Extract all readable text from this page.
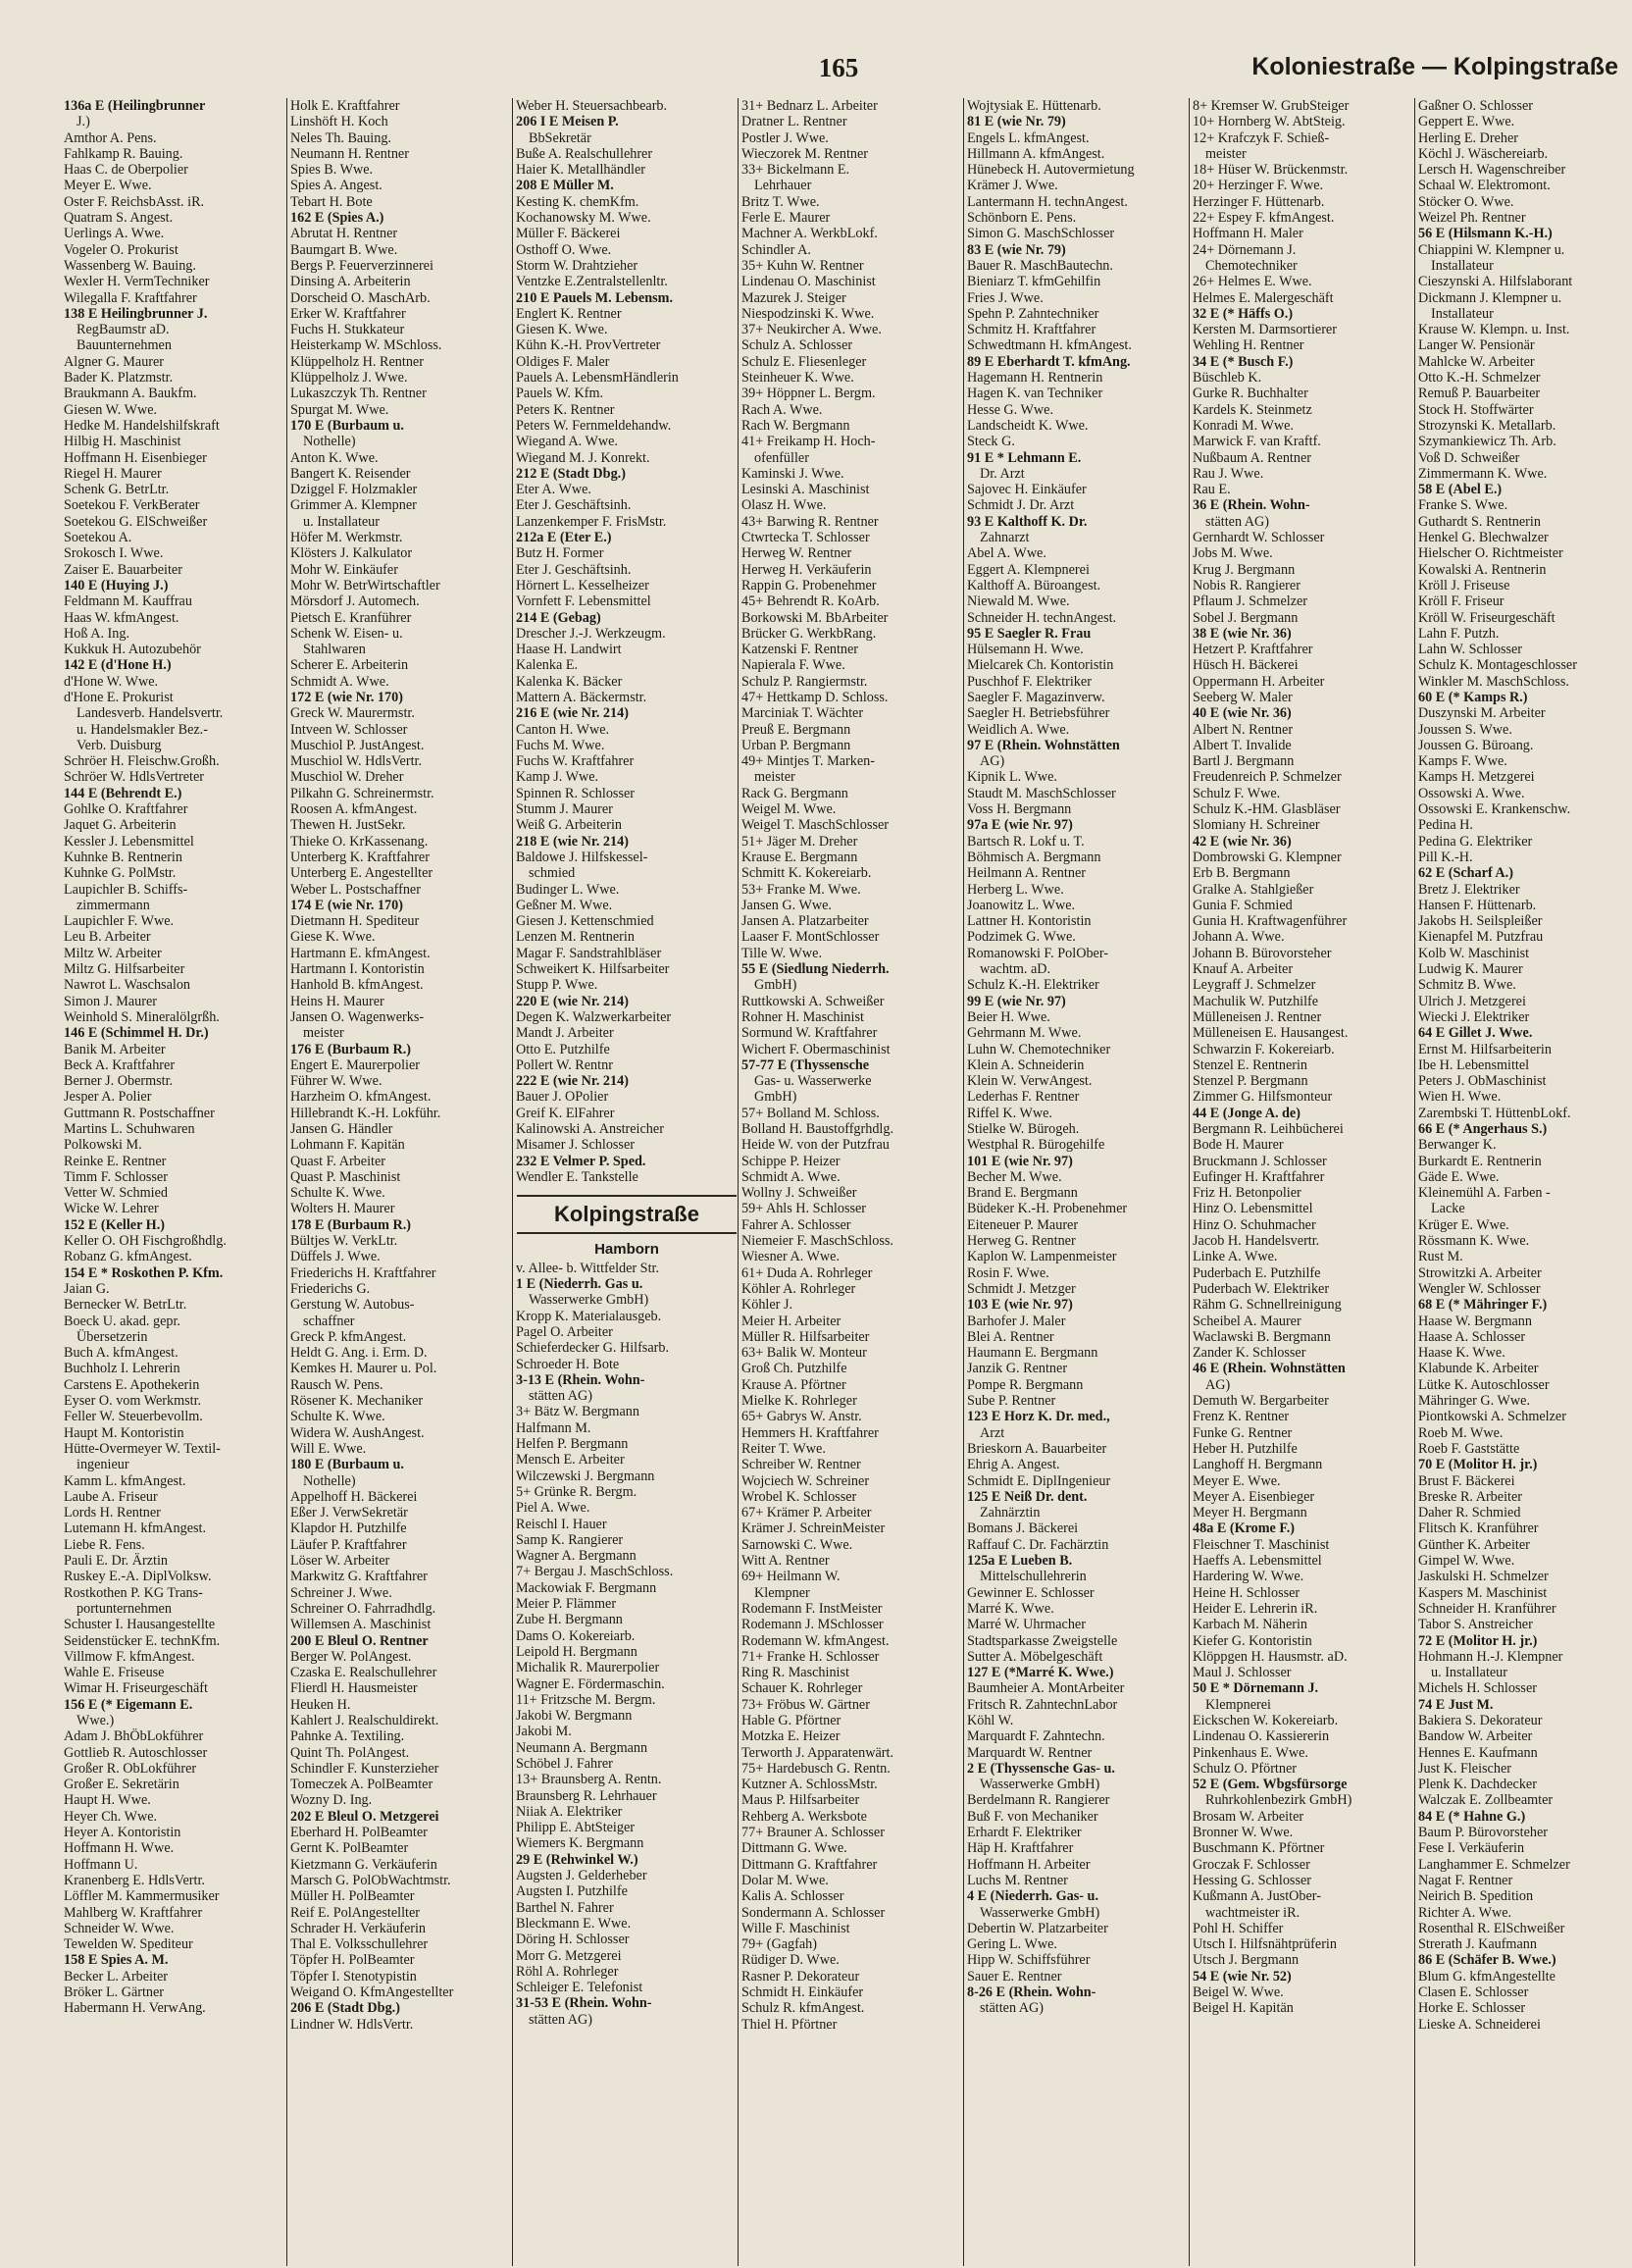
165	Koloniestraße — Kolpingstraße
136a E (Heilingbrunner
J.)
Amthor A. Pens.
Fahlkamp R. Bauing.
Haas C. de Oberpolier
Meyer E. Wwe.
Oster F. ReichsbAsst. iR.
Quatram S. Angest.
Uerlings A. Wwe.
Vogeler O. Prokurist
Wassenberg W. Bauing.
Wexler H. VermTechniker
Wilegalla F. Kraftfahrer
138 E Heilingbrunner J.
RegBaumstr aD.
Bauunternehmen
Algner G. Maurer
Bader K. Platzmstr.
Braukmann A. Baukfm.
Giesen W. Wwe.
Hedke M. Handelshilfskraft
Hilbig H. Maschinist
Hoffmann H. Eisenbieger
Riegel H. Maurer
Schenk G. BetrLtr.
Soetekou F. VerkBerater
Soetekou G. ElSchweißer
Soetekou A.
Srokosch I. Wwe.
Zaiser E. Bauarbeiter
140 E (Huying J.)
Feldmann M. Kauffrau
Haas W. kfmAngest.
Hoß A. Ing.
Kukkuk H. Autozubehör
142 E (d'Hone H.)
d'Hone W. Wwe.
d'Hone E. Prokurist
Landesverb. Handelsvertr.
u. Handelsmakler Bez.-
Verb. Duisburg
Schröer H. Fleischw.Großh.
Schröer W. HdlsVertreter
144 E (Behrendt E.)
Gohlke O. Kraftfahrer
Jaquet G. Arbeiterin
Kessler J. Lebensmittel
Kuhnke B. Rentnerin
Kuhnke G. PolMstr.
Laupichler B. Schiffs-
zimmermann
Laupichler F. Wwe.
Leu B. Arbeiter
Miltz W. Arbeiter
Miltz G. Hilfsarbeiter
Nawrot L. Waschsalon
Simon J. Maurer
Weinhold S. Mineralölgrßh.
146 E (Schimmel H. Dr.)
Banik M. Arbeiter
Beck A. Kraftfahrer
Berner J. Obermstr.
Jesper A. Polier
Guttmann R. Postschaffner
Martins L. Schuhwaren
Polkowski M.
Reinke E. Rentner
Timm F. Schlosser
Vetter W. Schmied
Wicke W. Lehrer
152 E (Keller H.)
Keller O. OH Fischgroßhdlg.
Robanz G. kfmAngest.
154 E * Roskothen P. Kfm.
Jaian G.
Bernecker W. BetrLtr.
Boeck U. akad. gepr.
Übersetzerin
Buch A. kfmAngest.
Buchholz I. Lehrerin
Carstens E. Apothekerin
Eyser O. vom Werkmstr.
Feller W. Steuerbevollm.
Haupt M. Kontoristin
Hütte-Overmeyer W. Textil-
ingenieur
Kamm L. kfmAngest.
Laube A. Friseur
Lords H. Rentner
Lutemann H. kfmAngest.
Liebe R. Fens.
Pauli E. Dr. Ärztin
Ruskey E.-A. DiplVolksw.
Rostkothen P. KG Trans-
portunternehmen
Schuster I. Hausangestellte
Seidenstücker E. technKfm.
Villmow F. kfmAngest.
Wahle E. Friseuse
Wimar H. Friseurgeschäft
156 E (* Eigemann E.
Wwe.)
Adam J. BhÖbLokführer
Gottlieb R. Autoschlosser
Großer R. ObLokführer
Großer E. Sekretärin
Haupt H. Wwe.
Heyer Ch. Wwe.
Heyer A. Kontoristin
Hoffmann H. Wwe.
Hoffmann U.
Kranenberg E. HdlsVertr.
Löffler M. Kammermusiker
Mahlberg W. Kraftfahrer
Schneider W. Wwe.
Tewelden W. Spediteur
158 E Spies A. M.
Becker L. Arbeiter
Bröker L. Gärtner
Habermann H. VerwAng.
Holk E. Kraftfahrer
Linshöft H. Koch
Neles Th. Bauing.
Neumann H. Rentner
Spies B. Wwe.
Spies A. Angest.
Tebart H. Bote
162 E (Spies A.)
Abrutat H. Rentner
Baumgart B. Wwe.
Bergs P. Feuerverzinnerei
Dinsing A. Arbeiterin
Dorscheid O. MaschArb.
Erker W. Kraftfahrer
Fuchs H. Stukkateur
Heisterkamp W. MSchloss.
Klüppelholz H. Rentner
Klüppelholz J. Wwe.
Lukaszczyk Th. Rentner
Spurgat M. Wwe.
170 E (Burbaum u.
Nothelle)
Anton K. Wwe.
Bangert K. Reisender
Dziggel F. Holzmakler
Grimmer A. Klempner
u. Installateur
Höfer M. Werkmstr.
Klösters J. Kalkulator
Mohr W. Einkäufer
Mohr W. BetrWirtschaftler
Mörsdorf J. Automech.
Pietsch E. Kranführer
Schenk W. Eisen- u.
Stahlwaren
Scherer E. Arbeiterin
Schmidt A. Wwe.
172 E (wie Nr. 170)
Greck W. Maurermstr.
Intveen W. Schlosser
Muschiol P. JustAngest.
Muschiol W. HdlsVertr.
Muschiol W. Dreher
Pilkahn G. Schreinermstr.
Roosen A. kfmAngest.
Thewen H. JustSekr.
Thieke O. KrKassenang.
Unterberg K. Kraftfahrer
Unterberg E. Angestellter
Weber L. Postschaffner
174 E (wie Nr. 170)
Dietmann H. Spediteur
Giese K. Wwe.
Hartmann E. kfmAngest.
Hartmann I. Kontoristin
Hanhold B. kfmAngest.
Heins H. Maurer
Jansen O. Wagenwerks-
meister
176 E (Burbaum R.)
Engert E. Maurerpolier
Führer W. Wwe.
Harzheim O. kfmAngest.
Hillebrandt K.-H. Lokführ.
Jansen G. Händler
Lohmann F. Kapitän
Quast F. Arbeiter
Quast P. Maschinist
Schulte K. Wwe.
Wolters H. Maurer
178 E (Burbaum R.)
Bültjes W. VerkLtr.
Düffels J. Wwe.
Friederichs H. Kraftfahrer
Friederichs G.
Gerstung W. Autobus-
schaffner
Greck P. kfmAngest.
Heldt G. Ang. i. Erm. D.
Kemkes H. Maurer u. Pol.
Rausch W. Pens.
Rösener K. Mechaniker
Schulte K. Wwe.
Widera W. AushAngest.
Will E. Wwe.
180 E (Burbaum u.
Nothelle)
Appelhoff H. Bäckerei
Eßer J. VerwSekretär
Klapdor H. Putzhilfe
Läufer P. Kraftfahrer
Löser W. Arbeiter
Markwitz G. Kraftfahrer
Schreiner J. Wwe.
Schreiner O. Fahrradhdlg.
Willemsen A. Maschinist
200 E Bleul O. Rentner
Berger W. PolAngest.
Czaska E. Realschullehrer
Flierdl H. Hausmeister
Heuken H.
Kahlert J. Realschuldirekt.
Pahnke A. Textiling.
Quint Th. PolAngest.
Schindler F. Kunsterzieher
Tomeczek A. PolBeamter
Wozny D. Ing.
202 E Bleul O. Metzgerei
Eberhard H. PolBeamter
Gernt K. PolBeamter
Kietzmann G. Verkäuferin
Marsch G. PolObWachtmstr.
Müller H. PolBeamter
Reif E. PolAngestellter
Schrader H. Verkäuferin
Thal E. Volksschullehrer
Töpfer H. PolBeamter
Töpfer I. Stenotypistin
Weigand O. KfmAngestellter
206 E (Stadt Dbg.)
Lindner W. HdlsVertr.
Weber H. Steuersachbearb.
206 I E Meisen P.
BbSekretär
Buße A. Realschullehrer
Haier K. Metallhändler
208 E Müller M.
Kesting K. chemKfm.
Kochanowsky M. Wwe.
Müller F. Bäckerei
Osthoff O. Wwe.
Storm W. Drahtzieher
Ventzke E.Zentralstellenltr.
210 E Pauels M. Lebensm.
Englert K. Rentner
Giesen K. Wwe.
Kühn K.-H. ProvVertreter
Oldiges F. Maler
Pauels A. LebensmHändlerin
Pauels W. Kfm.
Peters K. Rentner
Peters W. Fernmeldehandw.
Wiegand A. Wwe.
Wiegand M. J. Konrekt.
212 E (Stadt Dbg.)
Eter A. Wwe.
Eter J. Geschäftsinh.
Lanzenkemper F. FrisMstr.
212a E (Eter E.)
Butz H. Former
Eter J. Geschäftsinh.
Hörnert L. Kesselheizer
Vornfett F. Lebensmittel
214 E (Gebag)
Drescher J.-J. Werkzeugm.
Haase H. Landwirt
Kalenka E.
Kalenka K. Bäcker
Mattern A. Bäckermstr.
216 E (wie Nr. 214)
Canton H. Wwe.
Fuchs M. Wwe.
Fuchs W. Kraftfahrer
Kamp J. Wwe.
Spinnen R. Schlosser
Stumm J. Maurer
Weiß G. Arbeiterin
218 E (wie Nr. 214)
Baldowe J. Hilfskessel-
schmied
Budinger L. Wwe.
Geßner M. Wwe.
Giesen J. Kettenschmied
Lenzen M. Rentnerin
Magar F. Sandstrahlbläser
Schweikert K. Hilfsarbeiter
Stupp P. Wwe.
220 E (wie Nr. 214)
Degen K. Walzwerkarbeiter
Mandt J. Arbeiter
Otto E. Putzhilfe
Pollert W. Rentnr
222 E (wie Nr. 214)
Bauer J. OPolier
Greif K. ElFahrer
Kalinowski A. Anstreicher
Misamer J. Schlosser
232 E Velmer P. Sped.
Wendler E. Tankstelle
Kolpingstraße
Hamborn
v. Allee- b. Wittfelder Str.
1 E (Niederrh. Gas u.
Wasserwerke GmbH)
Kropp K. Materialausgeb.
Pagel O. Arbeiter
Schieferdecker G. Hilfsarb.
Schroeder H. Bote
3-13 E (Rhein. Wohn-
stätten AG)
3+ Bätz W. Bergmann
Halfmann M.
Helfen P. Bergmann
Mensch E. Arbeiter
Wilczewski J. Bergmann
5+ Grünke R. Bergm.
Piel A. Wwe.
Reischl I. Hauer
Samp K. Rangierer
Wagner A. Bergmann
7+ Bergau J. MaschSchloss.
Mackowiak F. Bergmann
Meier P. Flämmer
Zube H. Bergmann
Dams O. Kokereiarb.
Leipold H. Bergmann
Michalik R. Maurerpolier
Wagner E. Fördermaschin.
11+ Fritzsche M. Bergm.
Jakobi W. Bergmann
Jakobi M.
Neumann A. Bergmann
Schöbel J. Fahrer
13+ Braunsberg A. Rentn.
Braunsberg R. Lehrhauer
Niiak A. Elektriker
Philipp E. AbtSteiger
Wiemers K. Bergmann
29 E (Rehwinkel W.)
Augsten J. Gelderheber
Augsten I. Putzhilfe
Barthel N. Fahrer
Bleckmann E. Wwe.
Döring H. Schlosser
Morr G. Metzgerei
Röhl A. Rohrleger
Schleiger E. Telefonist
31-53 E (Rhein. Wohn-
stätten AG)
31+ Bednarz L. Arbeiter
Dratner L. Rentner
Postler J. Wwe.
Wieczorek M. Rentner
33+ Bickelmann E.
Lehrhauer
Britz T. Wwe.
Ferle E. Maurer
Machner A. WerkbLokf.
Schindler A.
35+ Kuhn W. Rentner
Lindenau O. Maschinist
Mazurek J. Steiger
Niespodzinski K. Wwe.
37+ Neukircher A. Wwe.
Schulz A. Schlosser
Schulz E. Fliesenleger
Steinheuer K. Wwe.
39+ Höppner L. Bergm.
Rach A. Wwe.
Rach W. Bergmann
41+ Freikamp H. Hoch-
ofenfüller
Kaminski J. Wwe.
Lesinski A. Maschinist
Olasz H. Wwe.
43+ Barwing R. Rentner
Ctwrtecka T. Schlosser
Herweg W. Rentner
Herweg H. Verkäuferin
Rappin G. Probenehmer
45+ Behrendt R. KoArb.
Borkowski M. BbArbeiter
Brücker G. WerkbRang.
Katzenski F. Rentner
Napierala F. Wwe.
Schulz P. Rangiermstr.
47+ Hettkamp D. Schloss.
Marciniak T. Wächter
Preuß E. Bergmann
Urban P. Bergmann
49+ Mintjes T. Marken-
meister
Rack G. Bergmann
Weigel M. Wwe.
Weigel T. MaschSchlosser
51+ Jäger M. Dreher
Krause E. Bergmann
Schmitt K. Kokereiarb.
53+ Franke M. Wwe.
Jansen G. Wwe.
Jansen A. Platzarbeiter
Laaser F. MontSchlosser
Tille W. Wwe.
55 E (Siedlung Niederrh.
GmbH)
Ruttkowski A. Schweißer
Rohner H. Maschinist
Sormund W. Kraftfahrer
Wichert F. Obermaschinist
57-77 E (Thyssensche
Gas- u. Wasserwerke
GmbH)
57+ Bolland M. Schloss.
Bolland H. Baustoffgrhdlg.
Heide W. von der Putzfrau
Schippe P. Heizer
Schmidt A. Wwe.
Wollny J. Schweißer
59+ Ahls H. Schlosser
Fahrer A. Schlosser
Niemeier F. MaschSchloss.
Wiesner A. Wwe.
61+ Duda A. Rohrleger
Köhler A. Rohrleger
Köhler J.
Meier H. Arbeiter
Müller R. Hilfsarbeiter
63+ Balik W. Monteur
Groß Ch. Putzhilfe
Krause A. Pförtner
Mielke K. Rohrleger
65+ Gabrys W. Anstr.
Hemmers H. Kraftfahrer
Reiter T. Wwe.
Schreiber W. Rentner
Wojciech W. Schreiner
Wrobel K. Schlosser
67+ Krämer P. Arbeiter
Krämer J. SchreinMeister
Sarnowski C. Wwe.
Witt A. Rentner
69+ Heilmann W.
Klempner
Rodemann F. InstMeister
Rodemann J. MSchlosser
Rodemann W. kfmAngest.
71+ Franke H. Schlosser
Ring R. Maschinist
Schauer K. Rohrleger
73+ Fröbus W. Gärtner
Hable G. Pförtner
Motzka E. Heizer
Terworth J. Apparatenwärt.
75+ Hardebusch G. Rentn.
Kutzner A. SchlossMstr.
Maus P. Hilfsarbeiter
Rehberg A. Werksbote
77+ Brauner A. Schlosser
Dittmann G. Wwe.
Dittmann G. Kraftfahrer
Dolar M. Wwe.
Kalis A. Schlosser
Sondermann A. Schlosser
Wille F. Maschinist
79+ (Gagfah)
Rüdiger D. Wwe.
Rasner P. Dekorateur
Schmidt H. Einkäufer
Schulz R. kfmAngest.
Thiel H. Pförtner
Wojtysiak E. Hüttenarb.
81 E (wie Nr. 79)
Engels L. kfmAngest.
Hillmann A. kfmAngest.
Hünebeck H. Autovermietung
Krämer J. Wwe.
Lantermann H. technAngest.
Schönborn E. Pens.
Simon G. MaschSchlosser
83 E (wie Nr. 79)
Bauer R. MaschBautechn.
Bieniarz T. kfmGehilfin
Fries J. Wwe.
Spehn P. Zahntechniker
Schmitz H. Kraftfahrer
Schwedtmann H. kfmAngest.
89 E Eberhardt T. kfmAng.
Hagemann H. Rentnerin
Hagen K. van Techniker
Hesse G. Wwe.
Landscheidt K. Wwe.
Steck G.
91 E * Lehmann E.
Dr. Arzt
Sajovec H. Einkäufer
Schmidt J. Dr. Arzt
93 E Kalthoff K. Dr.
Zahnarzt
Abel A. Wwe.
Eggert A. Klempnerei
Kalthoff A. Büroangest.
Niewald M. Wwe.
Schneider H. technAngest.
95 E Saegler R. Frau
Hülsemann H. Wwe.
Mielcarek Ch. Kontoristin
Puschhof F. Elektriker
Saegler F. Magazinverw.
Saegler H. Betriebsführer
Weidlich A. Wwe.
97 E (Rhein. Wohnstätten
AG)
Kipnik L. Wwe.
Staudt M. MaschSchlosser
Voss H. Bergmann
97a E (wie Nr. 97)
Bartsch R. Lokf u. T.
Böhmisch A. Bergmann
Heilmann A. Rentner
Herberg L. Wwe.
Joanowitz L. Wwe.
Lattner H. Kontoristin
Podzimek G. Wwe.
Romanowski F. PolOber-
wachtm. aD.
Schulz K.-H. Elektriker
99 E (wie Nr. 97)
Beier H. Wwe.
Gehrmann M. Wwe.
Luhn W. Chemotechniker
Klein A. Schneiderin
Klein W. VerwAngest.
Lederhas F. Rentner
Riffel K. Wwe.
Stielke W. Bürogeh.
Westphal R. Bürogehilfe
101 E (wie Nr. 97)
Becher M. Wwe.
Brand E. Bergmann
Büdeker K.-H. Probenehmer
Eiteneuer P. Maurer
Herweg G. Rentner
Kaplon W. Lampenmeister
Rosin F. Wwe.
Schmidt J. Metzger
103 E (wie Nr. 97)
Barhofer J. Maler
Blei A. Rentner
Haumann E. Bergmann
Janzik G. Rentner
Pompe R. Bergmann
Sube P. Rentner
123 E Horz K. Dr. med.,
Arzt
Brieskorn A. Bauarbeiter
Ehrig A. Angest.
Schmidt E. DiplIngenieur
125 E Neiß Dr. dent.
Zahnärztin
Bomans J. Bäckerei
Raffauf C. Dr. Fachärztin
125a E Lueben B.
Mittelschullehrerin
Gewinner E. Schlosser
Marré K. Wwe.
Marré W. Uhrmacher
Stadtsparkasse Zweigstelle
Sutter A. Möbelgeschäft
127 E (*Marré K. Wwe.)
Baumheier A. MontArbeiter
Fritsch R. ZahntechnLabor
Köhl W.
Marquardt F. Zahntechn.
Marquardt W. Rentner
2 E (Thyssensche Gas- u.
Wasserwerke GmbH)
Berdelmann R. Rangierer
Buß F. von Mechaniker
Erhardt F. Elektriker
Häp H. Kraftfahrer
Hoffmann H. Arbeiter
Luchs M. Rentner
4 E (Niederrh. Gas- u.
Wasserwerke GmbH)
Debertin W. Platzarbeiter
Gering L. Wwe.
Hipp W. Schiffsführer
Sauer E. Rentner
8-26 E (Rhein. Wohn-
stätten AG)
8+ Kremser W. GrubSteiger
10+ Hornberg W. AbtSteig.
12+ Krafczyk F. Schieß-
meister
18+ Hüser W. Brückenmstr.
20+ Herzinger F. Wwe.
Herzinger F. Hüttenarb.
22+ Espey F. kfmAngest.
Hoffmann H. Maler
24+ Dörnemann J.
Chemotechniker
26+ Helmes E. Wwe.
Helmes E. Malergeschäft
32 E (* Häffs O.)
Kersten M. Darmsortierer
Wehling H. Rentner
34 E (* Busch F.)
Büschleb K.
Gurke R. Buchhalter
Kardels K. Steinmetz
Konradi M. Wwe.
Marwick F. van Kraftf.
Nußbaum A. Rentner
Rau J. Wwe.
Rau E.
36 E (Rhein. Wohn-
stätten AG)
Gernhardt W. Schlosser
Jobs M. Wwe.
Krug J. Bergmann
Nobis R. Rangierer
Pflaum J. Schmelzer
Sobel J. Bergmann
38 E (wie Nr. 36)
Hetzert P. Kraftfahrer
Hüsch H. Bäckerei
Oppermann H. Arbeiter
Seeberg W. Maler
40 E (wie Nr. 36)
Albert N. Rentner
Albert T. Invalide
Bartl J. Bergmann
Freudenreich P. Schmelzer
Schulz F. Wwe.
Schulz K.-HM. Glasbläser
Slomiany H. Schreiner
42 E (wie Nr. 36)
Dombrowski G. Klempner
Erb B. Bergmann
Gralke A. Stahlgießer
Gunia F. Schmied
Gunia H. Kraftwagenführer
Johann A. Wwe.
Johann B. Bürovorsteher
Knauf A. Arbeiter
Leygraff J. Schmelzer
Machulik W. Putzhilfe
Mülleneisen J. Rentner
Mülleneisen E. Hausangest.
Schwarzin F. Kokereiarb.
Stenzel E. Rentnerin
Stenzel P. Bergmann
Zimmer G. Hilfsmonteur
44 E (Jonge A. de)
Bergmann R. Leihbücherei
Bode H. Maurer
Bruckmann J. Schlosser
Eufinger H. Kraftfahrer
Friz H. Betonpolier
Hinz O. Lebensmittel
Hinz O. Schuhmacher
Jacob H. Handelsvertr.
Linke A. Wwe.
Puderbach E. Putzhilfe
Puderbach W. Elektriker
Rähm G. Schnellreinigung
Scheibel A. Maurer
Waclawski B. Bergmann
Zander K. Schlosser
46 E (Rhein. Wohnstätten
AG)
Demuth W. Bergarbeiter
Frenz K. Rentner
Funke G. Rentner
Heber H. Putzhilfe
Langhoff H. Bergmann
Meyer E. Wwe.
Meyer A. Eisenbieger
Meyer H. Bergmann
48a E (Krome F.)
Fleischner T. Maschinist
Haeffs A. Lebensmittel
Hardering W. Wwe.
Heine H. Schlosser
Heider E. Lehrerin iR.
Karbach M. Näherin
Kiefer G. Kontoristin
Klöppgen H. Hausmstr. aD.
Maul J. Schlosser
50 E * Dörnemann J.
Klempnerei
Eickschen W. Kokereiarb.
Lindenau O. Kassiererin
Pinkenhaus E. Wwe.
Schulz O. Pförtner
52 E (Gem. Wbgsfürsorge
Ruhrkohlenbezirk GmbH)
Brosam W. Arbeiter
Bronner W. Wwe.
Buschmann K. Pförtner
Groczak F. Schlosser
Hessing G. Schlosser
Kußmann A. JustOber-
wachtmeister iR.
Pohl H. Schiffer
Utsch I. Hilfsnähtprüferin
Utsch J. Bergmann
54 E (wie Nr. 52)
Beigel W. Wwe.
Beigel H. Kapitän
Gaßner O. Schlosser
Geppert E. Wwe.
Herling E. Dreher
Köchl J. Wäschereiarb.
Lersch H. Wagenschreiber
Schaal W. Elektromont.
Stöcker O. Wwe.
Weizel Ph. Rentner
56 E (Hilsmann K.-H.)
Chiappini W. Klempner u.
Installateur
Cieszynski A. Hilfslaborant
Dickmann J. Klempner u.
Installateur
Krause W. Klempn. u. Inst.
Langer W. Pensionär
Mahlcke W. Arbeiter
Otto K.-H. Schmelzer
Remuß P. Bauarbeiter
Stock H. Stoffwärter
Strozynski K. Metallarb.
Szymankiewicz Th. Arb.
Voß D. Schweißer
Zimmermann K. Wwe.
58 E (Abel E.)
Franke S. Wwe.
Guthardt S. Rentnerin
Henkel G. Blechwalzer
Hielscher O. Richtmeister
Kowalski A. Rentnerin
Kröll J. Friseuse
Kröll F. Friseur
Kröll W. Friseurgeschäft
Lahn F. Putzh.
Lahn W. Schlosser
Schulz K. Montageschlosser
Winkler M. MaschSchloss.
60 E (* Kamps R.)
Duszynski M. Arbeiter
Joussen S. Wwe.
Joussen G. Büroang.
Kamps F. Wwe.
Kamps H. Metzgerei
Ossowski A. Wwe.
Ossowski E. Krankenschw.
Pedina H.
Pedina G. Elektriker
Pill K.-H.
62 E (Scharf A.)
Bretz J. Elektriker
Hansen F. Hüttenarb.
Jakobs H. Seilspleißer
Kienapfel M. Putzfrau
Kolb W. Maschinist
Ludwig K. Maurer
Schmitz B. Wwe.
Ulrich J. Metzgerei
Wiecki J. Elektriker
64 E Gillet J. Wwe.
Ernst M. Hilfsarbeiterin
Ibe H. Lebensmittel
Peters J. ObMaschinist
Wien H. Wwe.
Zarembski T. HüttenbLokf.
66 E (* Angerhaus S.)
Berwanger K.
Burkardt E. Rentnerin
Gäde E. Wwe.
Kleinemühl A. Farben -
Lacke
Krüger E. Wwe.
Rössmann K. Wwe.
Rust M.
Strowitzki A. Arbeiter
Wengler W. Schlosser
68 E (* Mähringer F.)
Haase W. Bergmann
Haase A. Schlosser
Haase K. Wwe.
Klabunde K. Arbeiter
Lütke K. Autoschlosser
Mähringer G. Wwe.
Piontkowski A. Schmelzer
Roeb M. Wwe.
Roeb F. Gaststätte
70 E (Molitor H. jr.)
Brust F. Bäckerei
Breske R. Arbeiter
Daher R. Schmied
Flitsch K. Kranführer
Günther K. Arbeiter
Gimpel W. Wwe.
Jaskulski H. Schmelzer
Kaspers M. Maschinist
Schneider H. Kranführer
Tabor S. Anstreicher
72 E (Molitor H. jr.)
Hohmann H.-J. Klempner
u. Installateur
Michels H. Schlosser
74 E Just M.
Bakiera S. Dekorateur
Bandow W. Arbeiter
Hennes E. Kaufmann
Just K. Fleischer
Plenk K. Dachdecker
Walczak E. Zollbeamter
84 E (* Hahne G.)
Baum P. Bürovorsteher
Fese I. Verkäuferin
Langhammer E. Schmelzer
Nagat F. Rentner
Neirich B. Spedition
Richter A. Wwe.
Rosenthal R. ElSchweißer
Strerath J. Kaufmann
86 E (Schäfer B. Wwe.)
Blum G. kfmAngestellte
Clasen E. Schlosser
Horke E. Schlosser
Lieske A. Schneiderei
